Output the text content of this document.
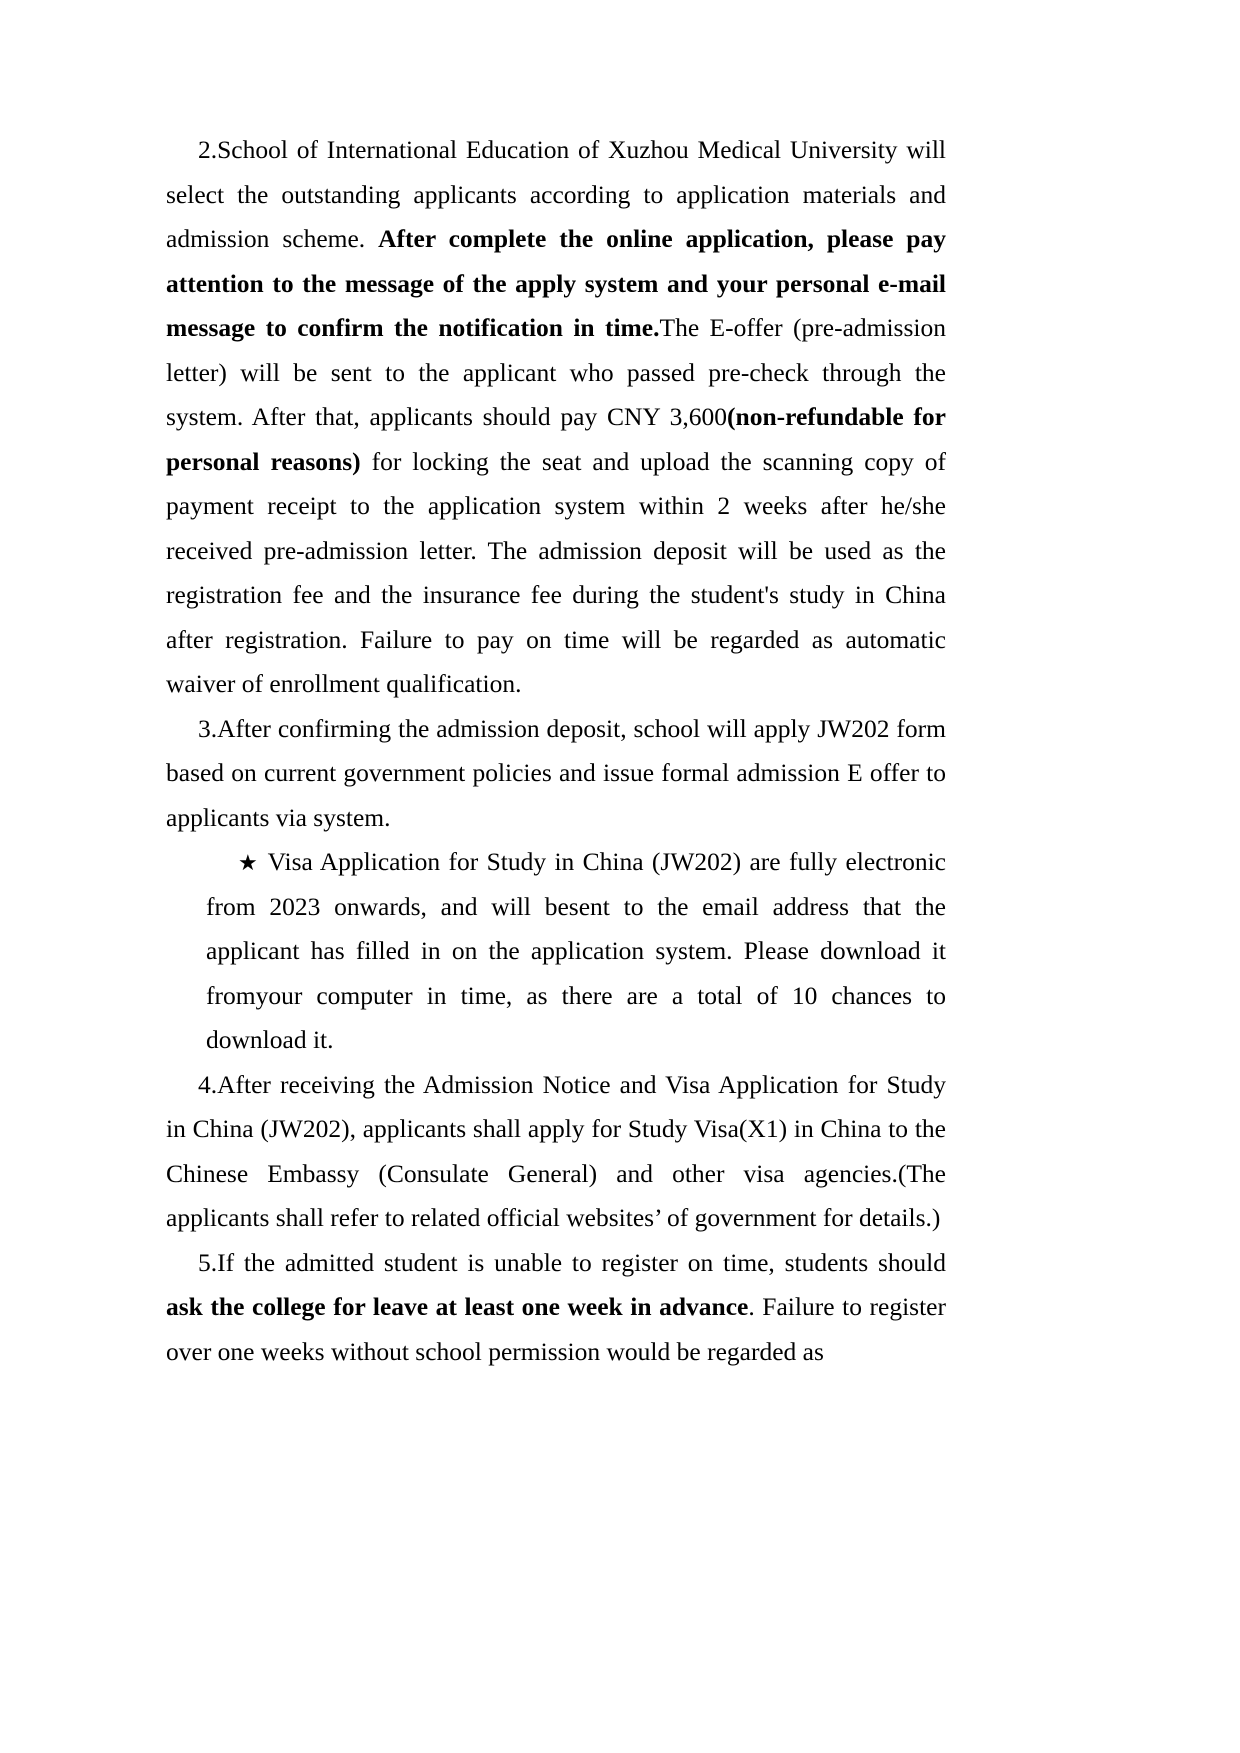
2.School of International Education of Xuzhou Medical University will select the outstanding applicants according to application materials and admission scheme. After complete the online application, please pay attention to the message of the apply system and your personal e-mail message to confirm the notification in time.The E-offer (pre-admission letter) will be sent to the applicant who passed pre-check through the system. After that, applicants should pay CNY 3,600(non-refundable for personal reasons) for locking the seat and upload the scanning copy of payment receipt to the application system within 2 weeks after he/she received pre-admission letter. The admission deposit will be used as the registration fee and the insurance fee during the student's study in China after registration. Failure to pay on time will be regarded as automatic waiver of enrollment qualification.

3.After confirming the admission deposit, school will apply JW202 form based on current government policies and issue formal admission E offer to applicants via system.

★ Visa Application for Study in China (JW202) are fully electronic from 2023 onwards, and will besent to the email address that the applicant has filled in on the application system. Please download it fromyour computer in time, as there are a total of 10 chances to download it.

4.After receiving the Admission Notice and Visa Application for Study in China (JW202), applicants shall apply for Study Visa(X1) in China to the Chinese Embassy (Consulate General) and other visa agencies.(The applicants shall refer to related official websites’ of government for details.)

5.If the admitted student is unable to register on time, students should ask the college for leave at least one week in advance. Failure to register over one weeks without school permission would be regarded as
